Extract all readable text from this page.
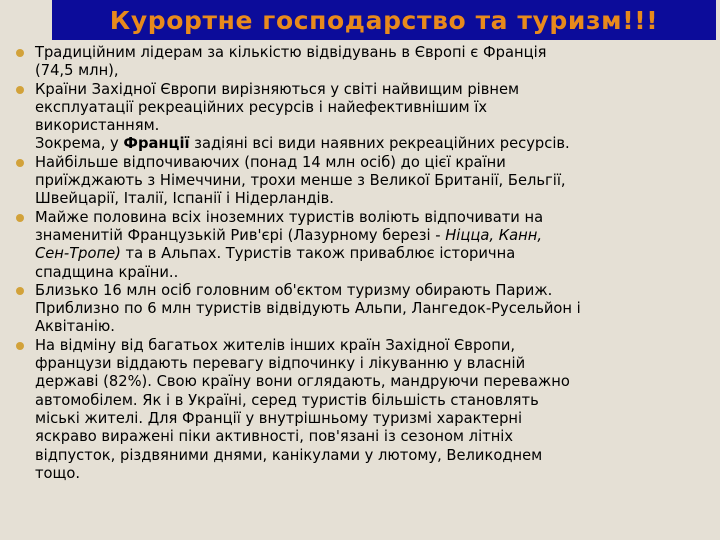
Курортне господарство та туризм!!!
Традиційним лідерам за кількістю відвідувань в Європі є Франція
(74,5 млн),
Країни Західної Європи вирізняються у світі найвищим рівнем
експлуатації рекреаційних ресурсів і найефективнішим їх
використанням.
Зокрема, у Франції задіяні всі види наявних рекреаційних ресурсів.
Найбільше відпочиваючих (понад 14 млн осіб) до цієї країни
приїжджають з Німеччини, трохи менше з Великої Британії, Бельгії,
Швейцарії, Італії, Іспанії і Нідерландів.
Майже половина всіх іноземних туристів воліють відпочивати на
знаменитій Французькій Рив'єрі (Лазурному березі - Ніцца, Канн,
Сен-Тропе) та в Альпах. Туристів також приваблює історична
спадщина країни..
Близько 16 млн осіб головним об'єктом туризму обирають Париж.
Приблизно по 6 млн туристів відвідують Альпи, Лангедок-Русельйон і
Аквітанію.
На відміну від багатьох жителів інших країн Західної Європи,
французи віддають перевагу відпочинку і лікуванню у власній
державі (82%). Свою країну вони оглядають, мандруючи переважно
автомобілем. Як і в Україні, серед туристів більшість становлять
міські жителі. Для Франції у внутрішньому туризмі характерні
яскраво виражені піки активності, пов'язані із сезоном літніх
відпусток, різдвяними днями, канікулами у лютому, Великоднем
тощо.
